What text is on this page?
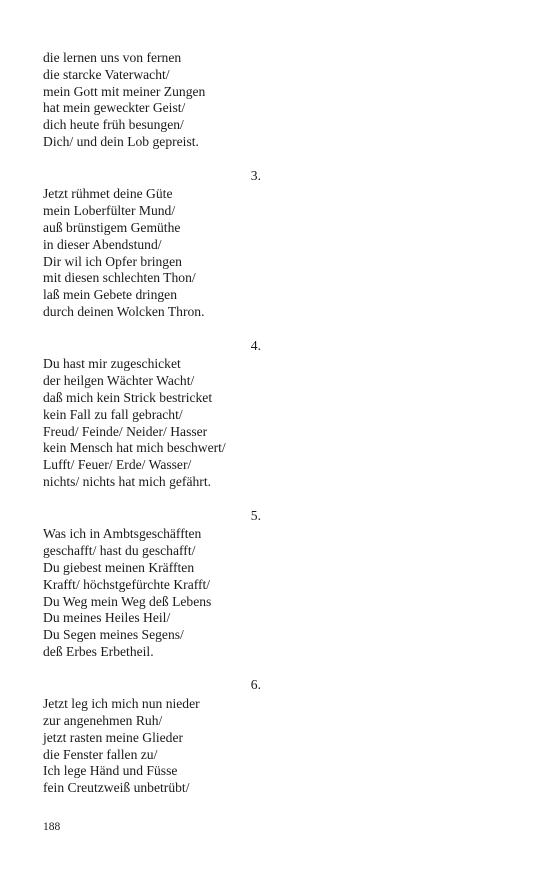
die lernen uns von fernen
die starcke Vaterwacht/
mein Gott mit meiner Zungen
hat mein geweckter Geist/
dich heute früh besungen/
Dich/ und dein Lob gepreist.
3.
Jetzt rühmet deine Güte
mein Loberfülter Mund/
auß brünstigem Gemüthe
in dieser Abendstund/
Dir wil ich Opfer bringen
mit diesen schlechten Thon/
laß mein Gebete dringen
durch deinen Wolcken Thron.
4.
Du hast mir zugeschicket
der heilgen Wächter Wacht/
daß mich kein Strick bestricket
kein Fall zu fall gebracht/
Freud/ Feinde/ Neider/ Hasser
kein Mensch hat mich beschwert/
Lufft/ Feuer/ Erde/ Wasser/
nichts/ nichts hat mich gefährt.
5.
Was ich in Ambtsgeschäfften
geschafft/ hast du geschafft/
Du giebest meinen Kräfften
Krafft/ höchstgefürchte Krafft/
Du Weg mein Weg deß Lebens
Du meines Heiles Heil/
Du Segen meines Segens/
deß Erbes Erbetheil.
6.
Jetzt leg ich mich nun nieder
zur angenehmen Ruh/
jetzt rasten meine Glieder
die Fenster fallen zu/
Ich lege Händ und Füsse
fein Creutzweiß unbetrübt/
188
